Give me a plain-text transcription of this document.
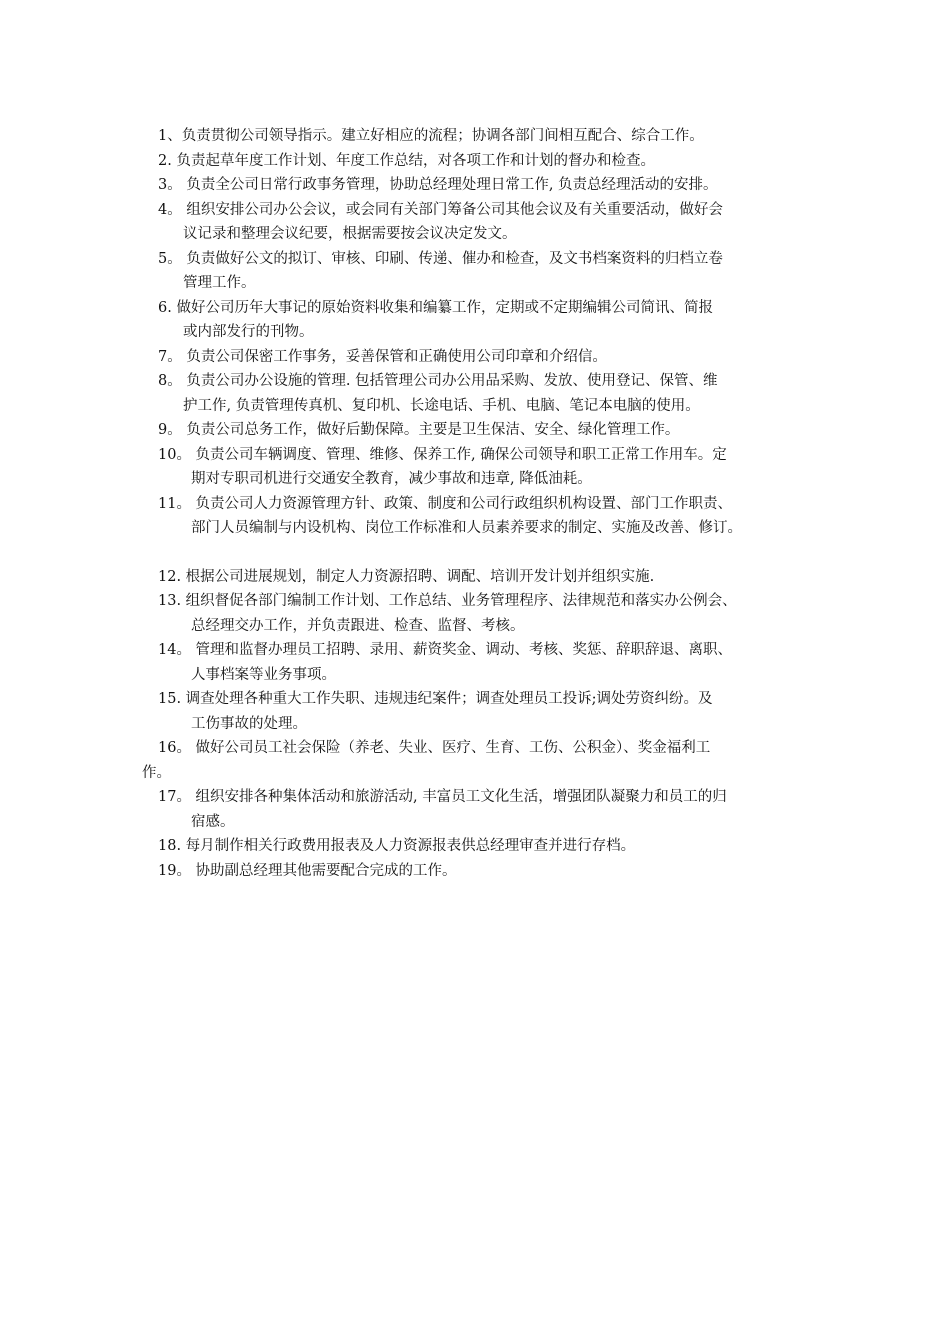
1、负责贯彻公司领导指示。建立好相应的流程；协调各部门间相互配合、综合工作。
2. 负责起草年度工作计划、年度工作总结，对各项工作和计划的督办和检查。
3。 负责全公司日常行政事务管理，协助总经理处理日常工作, 负责总经理活动的安排。
4。 组织安排公司办公会议，或会同有关部门筹备公司其他会议及有关重要活动，做好会
议记录和整理会议纪要，根据需要按会议决定发文。
5。 负责做好公文的拟订、审核、印刷、传递、催办和检查，及文书档案资料的归档立卷
管理工作。
6. 做好公司历年大事记的原始资料收集和编纂工作，定期或不定期编辑公司简讯、简报
或内部发行的刊物。
7。 负责公司保密工作事务，妥善保管和正确使用公司印章和介绍信。
8。 负责公司办公设施的管理. 包括管理公司办公用品采购、发放、使用登记、保管、维
护工作, 负责管理传真机、复印机、长途电话、手机、电脑、笔记本电脑的使用。
9。 负责公司总务工作，做好后勤保障。主要是卫生保洁、安全、绿化管理工作。
10。 负责公司车辆调度、管理、维修、保养工作, 确保公司领导和职工正常工作用车。定
期对专职司机进行交通安全教育，减少事故和违章, 降低油耗。
11。 负责公司人力资源管理方针、政策、制度和公司行政组织机构设置、部门工作职责、
部门人员编制与内设机构、岗位工作标准和人员素养要求的制定、实施及改善、修订。
12. 根据公司进展规划，制定人力资源招聘、调配、培训开发计划并组织实施.
13. 组织督促各部门编制工作计划、工作总结、业务管理程序、法律规范和落实办公例会、
总经理交办工作，并负责跟进、检查、监督、考核。
14。 管理和监督办理员工招聘、录用、薪资奖金、调动、考核、奖惩、辞职辞退、离职、
人事档案等业务事项。
15. 调查处理各种重大工作失职、违规违纪案件；调查处理员工投诉;调处劳资纠纷。及
工伤事故的处理。
16。 做好公司员工社会保险（养老、失业、医疗、生育、工伤、公积金）、奖金福利工
作。
17。 组织安排各种集体活动和旅游活动, 丰富员工文化生活，增强团队凝聚力和员工的归
宿感。
18. 每月制作相关行政费用报表及人力资源报表供总经理审查并进行存档。
19。 协助副总经理其他需要配合完成的工作。
